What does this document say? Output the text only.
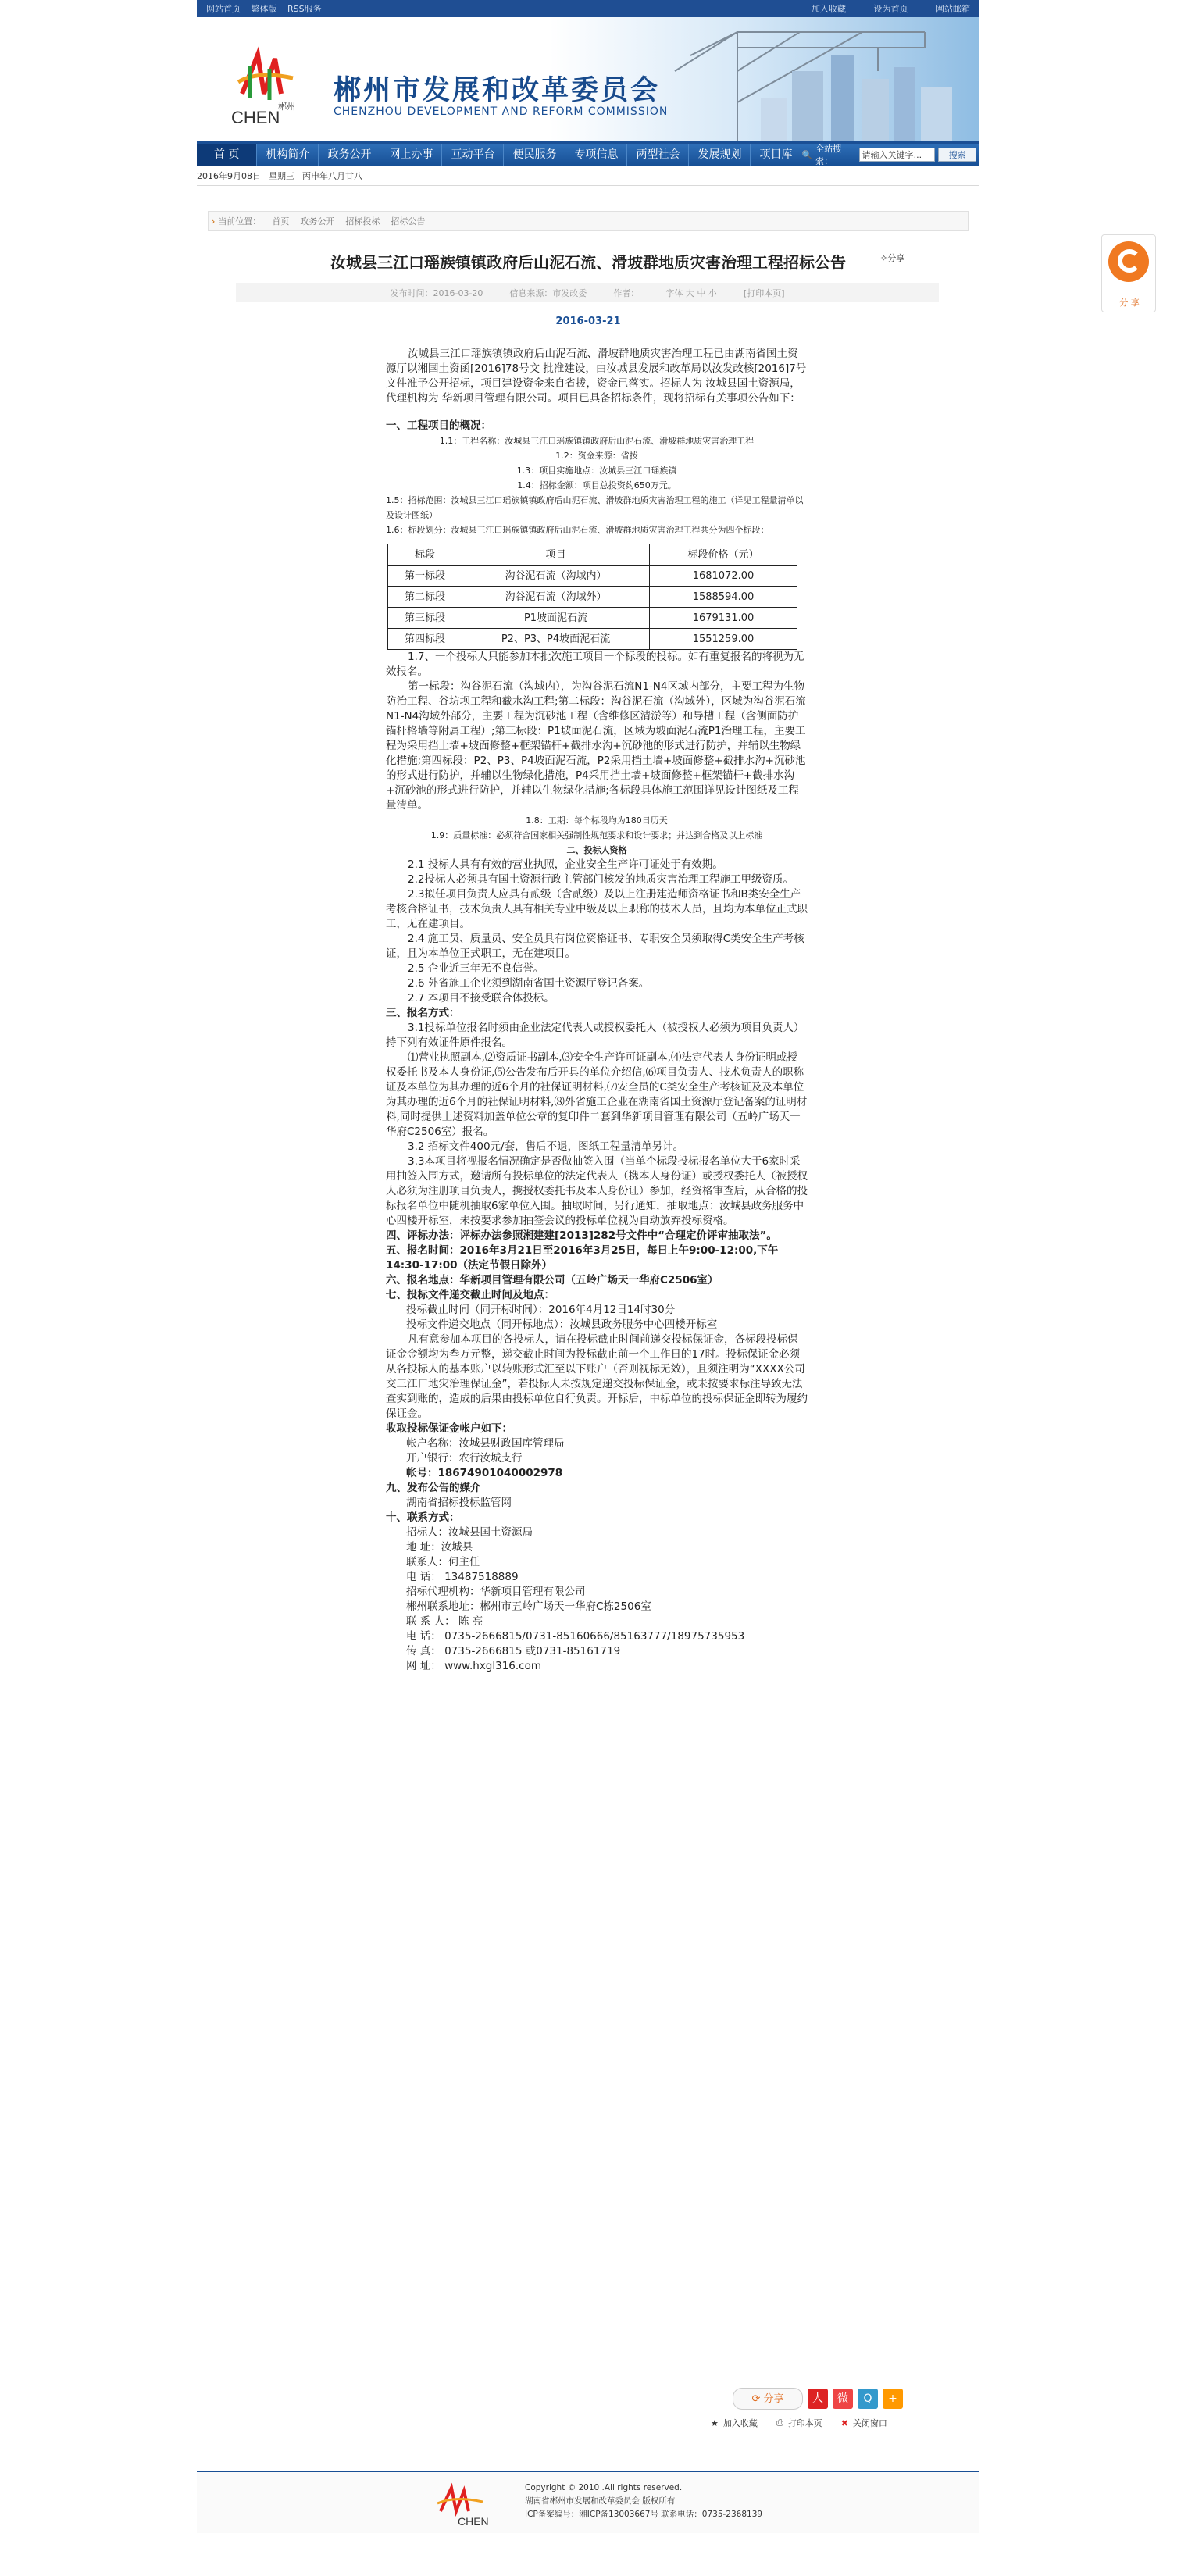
网站首页 繁体版 RSS服务	加入收藏	设为首页	网站邮箱
CHEN
郴州
郴州市发展和改革委员会
CHENZHOU DEVELOPMENT AND REFORM COMMISSION
首 页	机构简介	政务公开	网上办事	互动平台	便民服务	专项信息	两型社会	发展规划	项目库	🔍
全站搜索：
请输入关键字...	搜索
2016年9月08日 星期三 丙申年八月廿八
› 当前位置： 首页 政务公开 招标投标 招标公告
汝城县三江口瑶族镇镇政府后山泥石流、滑坡群地质灾害治理工程招标公告	✧分享
发布时间：2016-03-20	信息来源：市发改委	作者：	字体 大 中 小	[打印本页]
2016-03-21

汝城县三江口瑶族镇镇政府后山泥石流、滑坡群地质灾害治理工程已由湖南省国土资源厅以湘国土资函[2016]78号文 批准建设，由汝城县发展和改革局以汝发改核[2016]7号文件准予公开招标，项目建设资金来自省拨，资金已落实。招标人为 汝城县国土资源局，代理机构为 华新项目管理有限公司。项目已具备招标条件，现将招标有关事项公告如下：

一、工程项目的概况：

1.1：工程名称：汝城县三江口瑶族镇镇政府后山泥石流、滑坡群地质灾害治理工程

1.2：资金来源：省拨

1.3：项目实施地点：汝城县三江口瑶族镇

1.4：招标金额：项目总投资约650万元。

1.5：招标范围：汝城县三江口瑶族镇镇政府后山泥石流、滑坡群地质灾害治理工程的施工（详见工程量清单以及设计图纸）

1.6：标段划分：汝城县三江口瑶族镇镇政府后山泥石流、滑坡群地质灾害治理工程共分为四个标段：

标段	项目	标段价格（元）
第一标段	沟谷泥石流（沟域内）	1681072.00
第二标段	沟谷泥石流（沟域外）	1588594.00
第三标段	P1坡面泥石流	1679131.00
第四标段	P2、P3、P4坡面泥石流	1551259.00

1.7、一个投标人只能参加本批次施工项目一个标段的投标。如有重复报名的将视为无效报名。

第一标段：沟谷泥石流（沟域内），为沟谷泥石流N1-N4区域内部分，主要工程为生物防治工程、谷坊坝工程和截水沟工程;第二标段：沟谷泥石流（沟域外），区域为沟谷泥石流N1-N4沟域外部分，主要工程为沉砂池工程（含维修区清淤等）和导槽工程（含侧面防护锚杆格墙等附属工程）;第三标段：P1坡面泥石流，区域为坡面泥石流P1治理工程，主要工程为采用挡土墙+坡面修整+框架锚杆+截排水沟+沉砂池的形式进行防护，并辅以生物绿化措施;第四标段：P2、P3、P4坡面泥石流，P2采用挡土墙+坡面修整+截排水沟+沉砂池的形式进行防护，并辅以生物绿化措施，P4采用挡土墙+坡面修整+框架锚杆+截排水沟+沉砂池的形式进行防护，并辅以生物绿化措施;各标段具体施工范围详见设计图纸及工程量清单。

1.8：工期：每个标段均为180日历天

1.9：质量标准：必须符合国家相关强制性规范要求和设计要求；并达到合格及以上标准

二、投标人资格

2.1 投标人具有有效的营业执照，企业安全生产许可证处于有效期。

2.2投标人必须具有国土资源行政主管部门核发的地质灾害治理工程施工甲级资质。

2.3拟任项目负责人应具有贰级（含贰级）及以上注册建造师资格证书和B类安全生产考核合格证书，技术负责人具有相关专业中级及以上职称的技术人员，且均为本单位正式职工，无在建项目。

2.4 施工员、质量员、安全员具有岗位资格证书、专职安全员须取得C类安全生产考核证，且为本单位正式职工，无在建项目。

2.5 企业近三年无不良信誉。

2.6 外省施工企业须到湖南省国土资源厅登记备案。

2.7 本项目不接受联合体投标。

三、报名方式：

3.1投标单位报名时须由企业法定代表人或授权委托人（被授权人必须为项目负责人）持下列有效证件原件报名。

⑴营业执照副本,⑵资质证书副本,⑶安全生产许可证副本,⑷法定代表人身份证明或授权委托书及本人身份证,⑸公告发布后开具的单位介绍信,⑹项目负责人、技术负责人的职称证及本单位为其办理的近6个月的社保证明材料,⑺安全员的C类安全生产考核证及及本单位为其办理的近6个月的社保证明材料,⑻外省施工企业在湖南省国土资源厅登记备案的证明材料,同时提供上述资料加盖单位公章的复印件二套到华新项目管理有限公司（五岭广场天一华府C2506室）报名。

3.2 招标文件400元/套，售后不退，图纸工程量清单另计。

3.3本项目将视报名情况确定是否做抽签入围（当单个标段投标报名单位大于6家时采用抽签入围方式，邀请所有投标单位的法定代表人（携本人身份证）或授权委托人（被授权人必须为注册项目负责人，携授权委托书及本人身份证）参加，经资格审查后，从合格的投标报名单位中随机抽取6家单位入围。抽取时间，另行通知，抽取地点：汝城县政务服务中心四楼开标室，未按要求参加抽签会议的投标单位视为自动放弃投标资格。

四、评标办法：评标办法参照湘建建[2013]282号文件中“合理定价评审抽取法”。

五、报名时间：2016年3月21日至2016年3月25日，每日上午9:00-12:00,下午14:30-17:00（法定节假日除外）

六、报名地点：华新项目管理有限公司（五岭广场天一华府C2506室）

七、投标文件递交截止时间及地点：

投标截止时间（同开标时间）：2016年4月12日14时30分

投标文件递交地点（同开标地点）：汝城县政务服务中心四楼开标室

凡有意参加本项目的各投标人，请在投标截止时间前递交投标保证金，各标段投标保证金金额均为叁万元整，递交截止时间为投标截止前一个工作日的17时。投标保证金必须从各投标人的基本账户以转账形式汇至以下账户（否则视标无效），且须注明为“XXXX公司交三江口地灾治理保证金”，若投标人未按规定递交投标保证金，或未按要求标注导致无法查实到账的，造成的后果由投标单位自行负责。开标后，中标单位的投标保证金即转为履约保证金。

收取投标保证金帐户如下：

帐户名称：汝城县财政国库管理局

开户银行：农行汝城支行

帐号：18674901040002978

九、发布公告的媒介

湖南省招标投标监管网

十、联系方式：

招标人：汝城县国土资源局

地 址：汝城县

联系人：何主任

电 话： 13487518889

招标代理机构：华新项目管理有限公司

郴州联系地址：郴州市五岭广场天一华府C栋2506室

联 系 人： 陈 亮

电 话： 0735-2666815/0731-85160666/85163777/18975735953

传 真： 0735-2666815 或0731-85161719

网 址： www.hxgl316.com

⟳ 分享	人	微	Q	+
★ 加入收藏 ⎙ 打印本页 ✖ 关闭窗口
分 享
CHEN
Copyright © 2010 .All rights reserved.
湖南省郴州市发展和改革委员会 版权所有
ICP备案编号：湘ICP备13003667号 联系电话：0735-2368139
